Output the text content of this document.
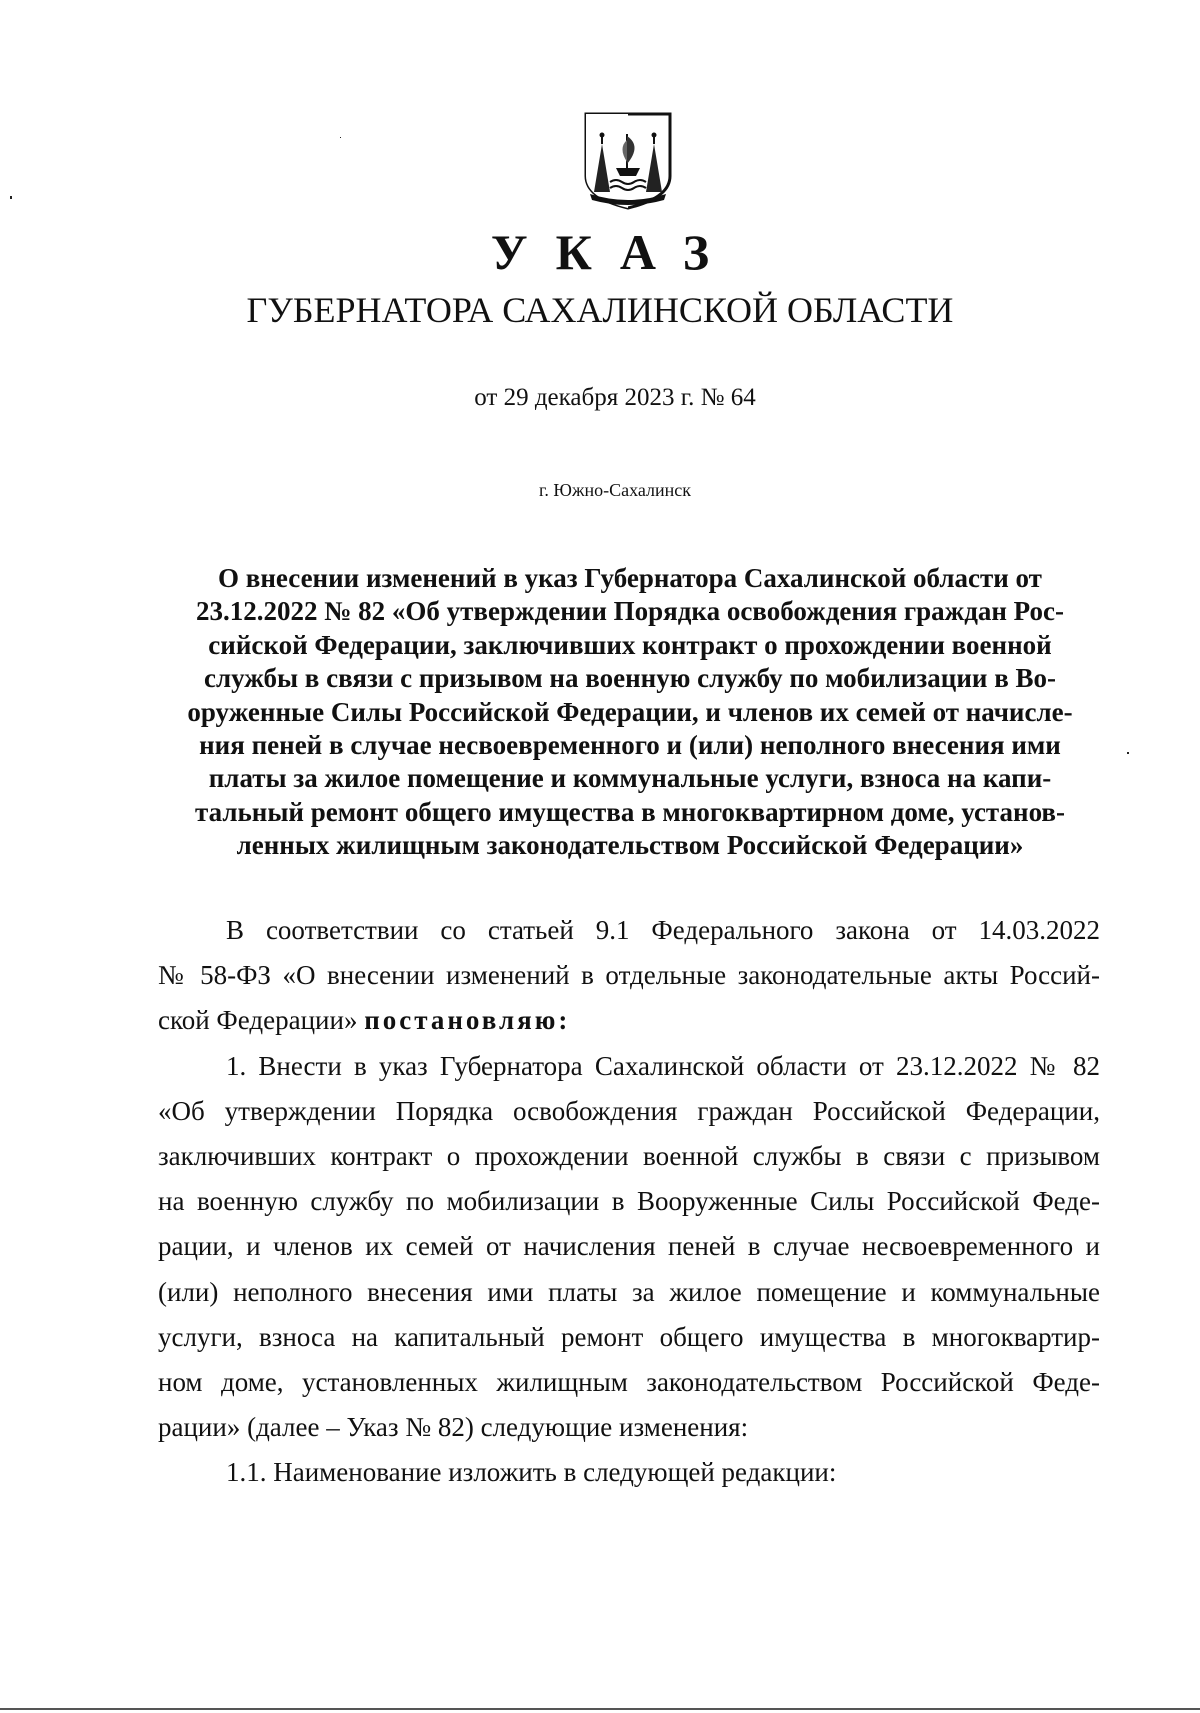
УКАЗ
ГУБЕРНАТОРА САХАЛИНСКОЙ ОБЛАСТИ
от 29 декабря 2023 г. № 64
г. Южно-Сахалинск
О внесении изменений в указ Губернатора Сахалинской области от
23.12.2022 № 82 «Об утверждении Порядка освобождения граждан Рос-
сийской Федерации, заключивших контракт о прохождении военной
службы в связи с призывом на военную службу по мобилизации в Во-
оруженные Силы Российской Федерации, и членов их семей от начисле-
ния пеней в случае несвоевременного и (или) неполного внесения ими
платы за жилое помещение и коммунальные услуги, взноса на капи-
тальный ремонт общего имущества в многоквартирном доме, установ-
ленных жилищным законодательством Российской Федерации»
В соответствии со статьей 9.1 Федерального закона от 14.03.2022
№ 58-ФЗ «О внесении изменений в отдельные законодательные акты Россий-
ской Федерации» постановляю:
1. Внести в указ Губернатора Сахалинской области от 23.12.2022 № 82
«Об утверждении Порядка освобождения граждан Российской Федерации,
заключивших контракт о прохождении военной службы в связи с призывом
на военную службу по мобилизации в Вооруженные Силы Российской Феде-
рации, и членов их семей от начисления пеней в случае несвоевременного и
(или) неполного внесения ими платы за жилое помещение и коммунальные
услуги, взноса на капитальный ремонт общего имущества в многоквартир-
ном доме, установленных жилищным законодательством Российской Феде-
рации» (далее – Указ № 82) следующие изменения:
1.1. Наименование изложить в следующей редакции:
